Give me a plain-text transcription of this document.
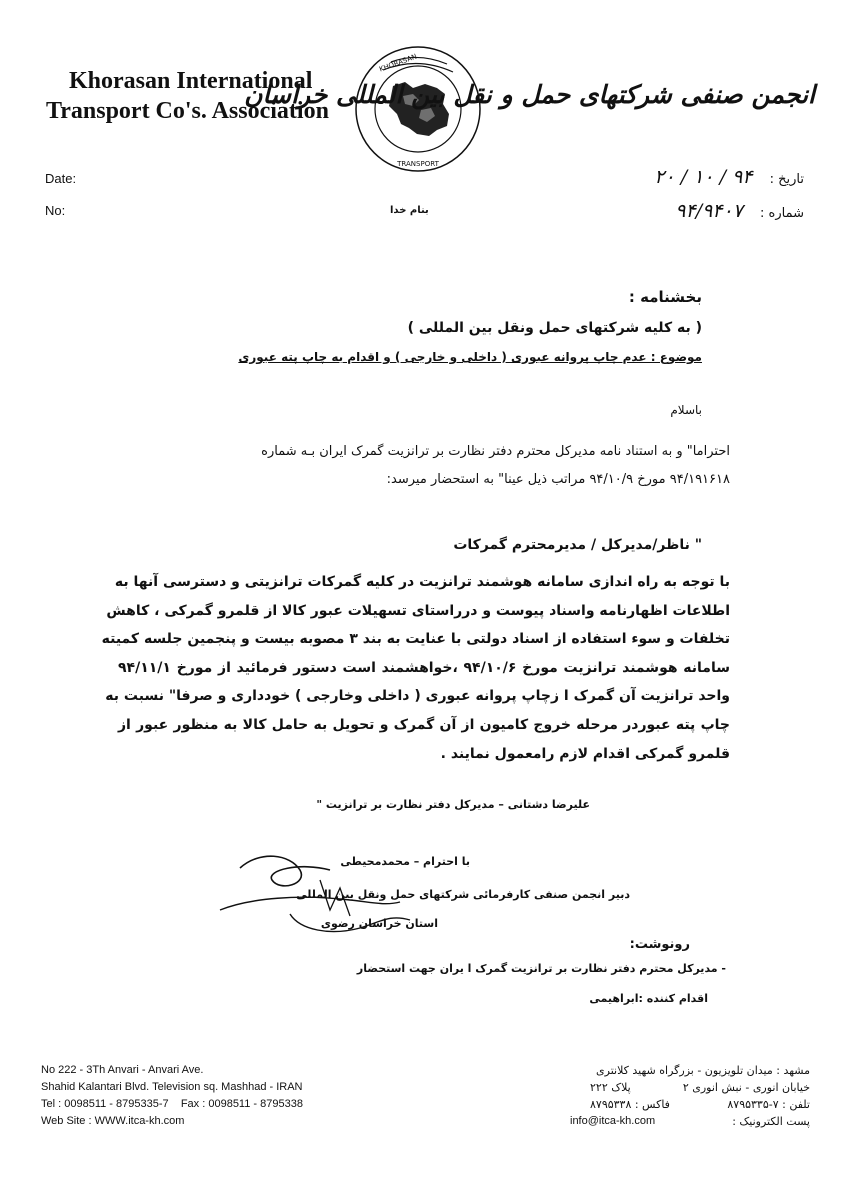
Khorasan International
Transport Co's. Association
KHORASAN
TRANSPORT
انجمن صنفی شرکتهای حمل و نقل بین المللی خراسان
Date:
No:	بنام خدا
تاریخ : ۹۴ / ۱۰ / ۲۰
شماره : ۹۴/۹۴۰۷
بخشنامه :
( به کلیه شرکتهای حمل ونقل بین المللی )
موضوع : عدم چاپ پروانه عبوری ( داخلی و خارجی ) و اقدام به چاپ پته عبوری
باسلام
احتراما" و به استناد نامه مدیرکل محترم دفتر نظارت بر ترانزیت گمرک ایران بـه شماره
۹۴/۱۹۱۶۱۸ مورخ ۹۴/۱۰/۹ مراتب ذیل عینا" به استحضار میرسد:
" ناظر/مدیرکل / مدیرمحترم گمرکات
با توجه به راه اندازی سامانه هوشمند ترانزیت در کلیه گمرکات ترانزیتی و دسترسی آنها به
اطلاعات اظهارنامه واسناد پیوست و درراستای تسهیلات عبور کالا از قلمرو گمرکی ، کاهش
تخلفات و سوء استفاده از اسناد دولتی با عنایت به بند ۳ مصوبه بیست و پنجمین جلسه کمیته
سامانه هوشمند ترانزیت مورخ ۹۴/۱۰/۶ ،خواهشمند است دستور فرمائید از مورخ ۹۴/۱۱/۱
واحد ترانزیت آن گمرک ا زچاپ پروانه عبوری ( داخلی وخارجی ) خودداری و صرفا" نسبت به
چاپ پته عبوردر مرحله خروج کامیون از آن گمرک و تحویل به حامل کالا به منظور عبور از
قلمرو گمرکی اقدام لازم رامعمول نمایند .
علیرضا دشتانی – مدیرکل دفتر نظارت بر ترانزیت "
با احترام – محمدمحیطی
دبیر انجمن صنفی کارفرمائی شرکتهای حمل ونقل بین المللی
استان خراسان رضوی
رونوشت:
- مدیرکل محترم دفتر نظارت بر ترانزیت گمرک ا یران جهت استحضار
اقدام کننده :ابراهیمی
No 222 - 3Th Anvari - Anvari Ave.
Shahid Kalantari Blvd. Television sq. Mashhad - IRAN
Tel : 0098511 - 8795335-7    Fax : 0098511 - 8795338
Web Site : WWW.itca-kh.com
مشهد : میدان تلویزیون - بزرگراه شهید کلانتری
خیابان انوری - نبش انوری ۲
پلاک ۲۲۲
تلفن : ۷-۸۷۹۵۳۳۵
فاکس : ۸۷۹۵۳۳۸
پست الکترونیک :
info@itca-kh.com
